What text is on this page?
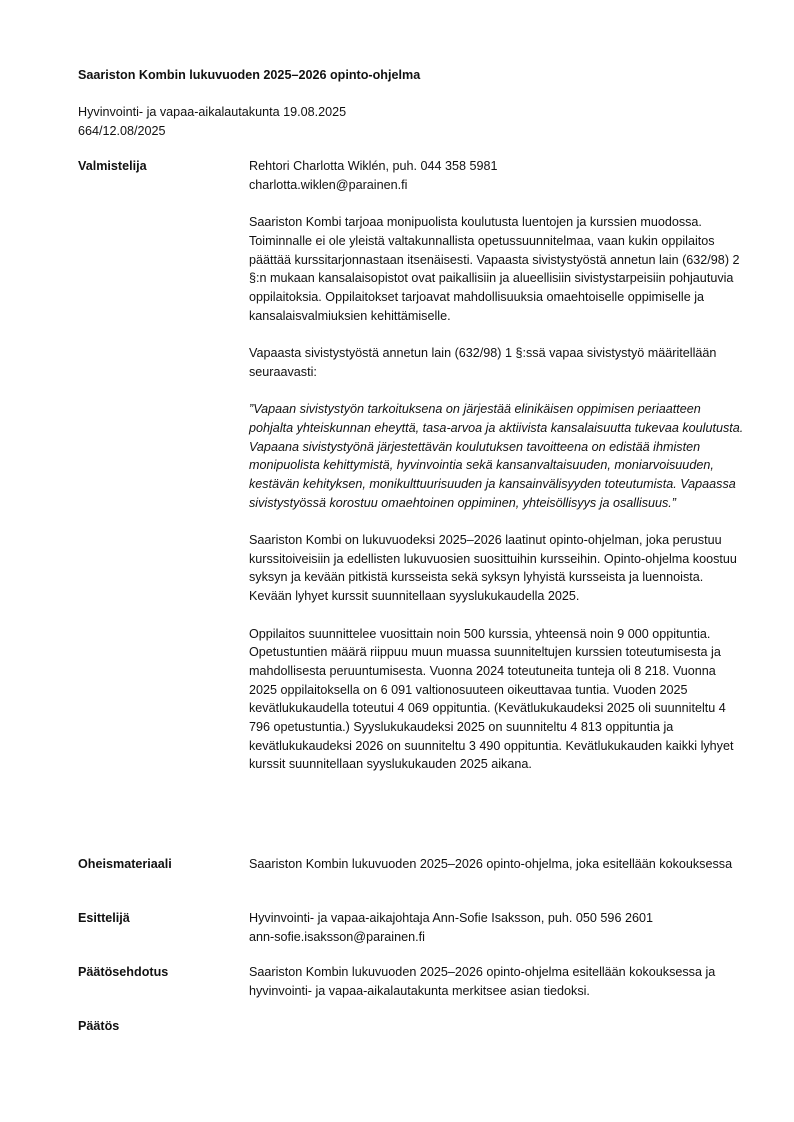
Saariston Kombin lukuvuoden 2025–2026 opinto-ohjelma
Hyvinvointi- ja vapaa-aikalautakunta 19.08.2025
664/12.08/2025
Valmistelija	Rehtori Charlotta Wiklén, puh. 044 358 5981

charlotta.wiklen@parainen.fi

Saariston Kombi tarjoaa monipuolista koulutusta luentojen ja kurssien muodossa. Toiminnalle ei ole yleistä valtakunnallista opetussuunnitelmaa, vaan kukin oppilaitos päättää kurssitarjonnastaan itsenäisesti. Vapaasta sivistystyöstä annetun lain (632/98) 2 §:n mukaan kansalaisopistot ovat paikallisiin ja alueellisiin sivistystarpeisiin pohjautuvia oppilaitoksia. Oppilaitokset tarjoavat mahdollisuuksia omaehtoiselle oppimiselle ja kansalaisvalmiuksien kehittämiselle.

Vapaasta sivistystyöstä annetun lain (632/98) 1 §:ssä vapaa sivistystyö määritellään seuraavasti:

”Vapaan sivistystyön tarkoituksena on järjestää elinikäisen oppimisen periaatteen pohjalta yhteiskunnan eheyttä, tasa-arvoa ja aktiivista kansalaisuutta tukevaa koulutusta.

Vapaana sivistystyönä järjestettävän koulutuksen tavoitteena on edistää ihmisten monipuolista kehittymistä, hyvinvointia sekä kansanvaltaisuuden, moniarvoisuuden, kestävän kehityksen, monikulttuurisuuden ja kansainvälisyyden toteutumista. Vapaassa sivistystyössä korostuu omaehtoinen oppiminen, yhteisöllisyys ja osallisuus.”

Saariston Kombi on lukuvuodeksi 2025–2026 laatinut opinto-ohjelman, joka perustuu kurssitoiveisiin ja edellisten lukuvuosien suosittuihin kursseihin. Opinto-ohjelma koostuu syksyn ja kevään pitkistä kursseista sekä syksyn lyhyistä kursseista ja luennoista. Kevään lyhyet kurssit suunnitellaan syyslukukaudella 2025.

Oppilaitos suunnittelee vuosittain noin 500 kurssia, yhteensä noin 9 000 oppituntia. Opetustuntien määrä riippuu muun muassa suunniteltujen kurssien toteutumisesta ja mahdollisesta peruuntumisesta. Vuonna 2024 toteutuneita tunteja oli 8 218. Vuonna 2025 oppilaitoksella on 6 091 valtionosuuteen oikeuttavaa tuntia. Vuoden 2025 kevätlukukaudella toteutui 4 069 oppituntia. (Kevätlukukaudeksi 2025 oli suunniteltu 4 796 opetustuntia.) Syyslukukaudeksi 2025 on suunniteltu 4 813 oppituntia ja kevätlukukaudeksi 2026 on suunniteltu 3 490 oppituntia. Kevätlukukauden kaikki lyhyet kurssit suunnitellaan syyslukukauden 2025 aikana.

Oheismateriaali	Saariston Kombin lukuvuoden 2025–2026 opinto-ohjelma, joka esitellään kokouksessa

Esittelijä	Hyvinvointi- ja vapaa-aikajohtaja Ann-Sofie Isaksson, puh. 050 596 2601

ann-sofie.isaksson@parainen.fi

Päätösehdotus	Saariston Kombin lukuvuoden 2025–2026 opinto-ohjelma esitellään kokouksessa ja hyvinvointi- ja vapaa-aikalautakunta merkitsee asian tiedoksi.

Päätös
